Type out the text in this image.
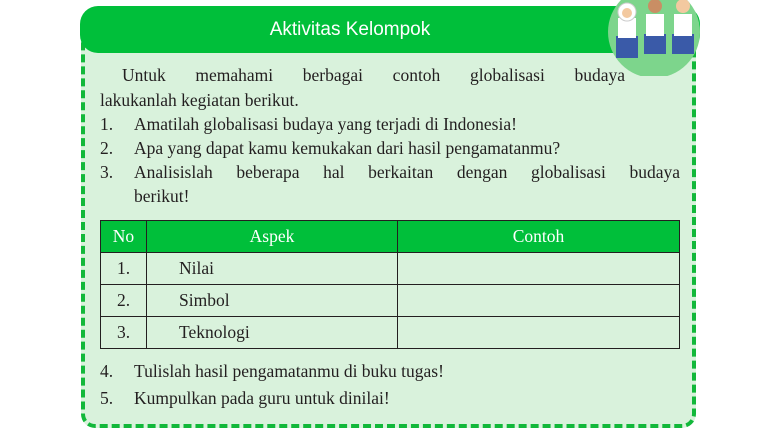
Aktivitas Kelompok
Untuk memahami berbagai contoh globalisasi budaya
lakukanlah kegiatan berikut.
1. Amatilah globalisasi budaya yang terjadi di Indonesia!
2. Apa yang dapat kamu kemukakan dari hasil pengamatanmu?
3. Analisislah beberapa hal berkaitan dengan globalisasi budaya
berikut!
No	Aspek	Contoh
1.	Nilai	
2.	Simbol	
3.	Teknologi	
4. Tulislah hasil pengamatanmu di buku tugas!
5. Kumpulkan pada guru untuk dinilai!
